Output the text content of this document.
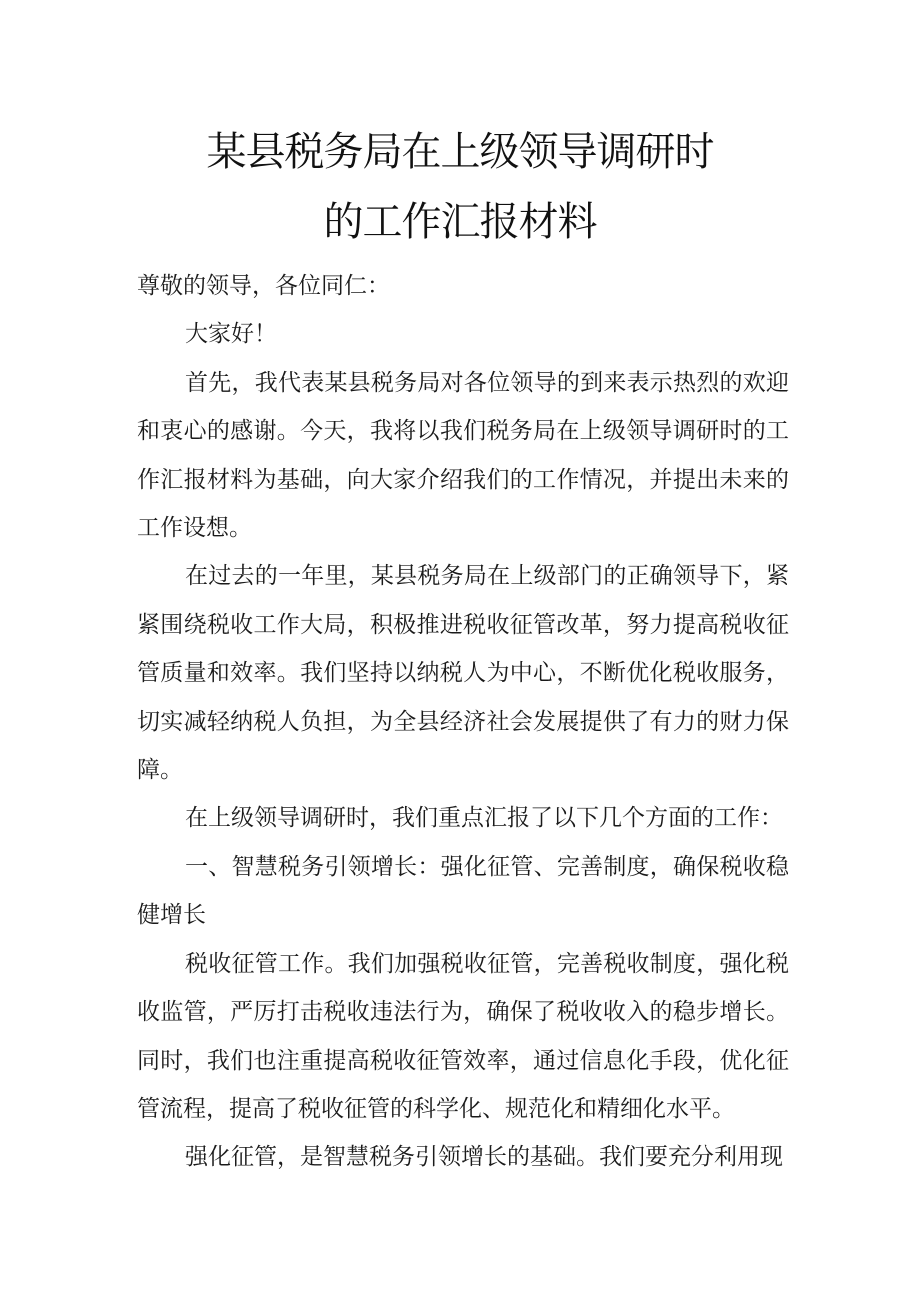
某县税务局在上级领导调研时
的工作汇报材料

尊敬的领导，各位同仁：

大家好！

首先，我代表某县税务局对各位领导的到来表示热烈的欢迎和衷心的感谢。今天，我将以我们税务局在上级领导调研时的工作汇报材料为基础，向大家介绍我们的工作情况，并提出未来的工作设想。

在过去的一年里，某县税务局在上级部门的正确领导下，紧紧围绕税收工作大局，积极推进税收征管改革，努力提高税收征管质量和效率。我们坚持以纳税人为中心，不断优化税收服务，切实减轻纳税人负担，为全县经济社会发展提供了有力的财力保障。

在上级领导调研时，我们重点汇报了以下几个方面的工作：

一、智慧税务引领增长：强化征管、完善制度，确保税收稳健增长

税收征管工作。我们加强税收征管，完善税收制度，强化税收监管，严厉打击税收违法行为，确保了税收收入的稳步增长。同时，我们也注重提高税收征管效率，通过信息化手段，优化征管流程，提高了税收征管的科学化、规范化和精细化水平。

强化征管，是智慧税务引领增长的基础。我们要充分利用现
